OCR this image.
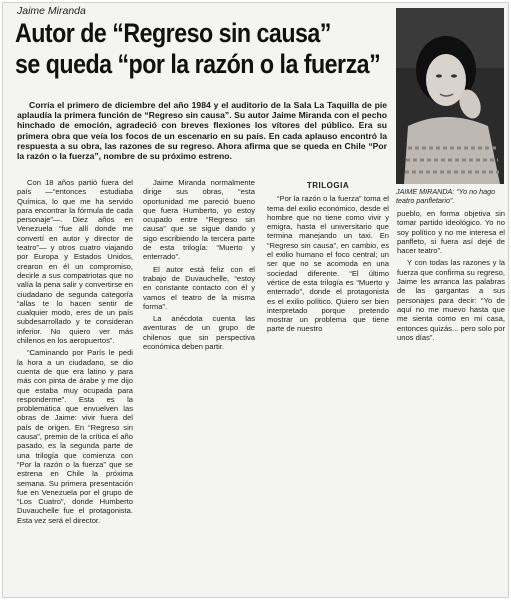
Jaime Miranda
Autor de “Regreso sin causa”
se queda “por la razón o la fuerza”
JAIME MIRANDA: “Yo no hago teatro panfletario”.
Corría el primero de diciembre del año 1984 y el auditorio de la Sala La Taquilla de pie aplaudía la primera función de “Regreso sin causa”. Su autor Jaime Miranda con el pecho hinchado de emoción, agradeció con breves flexiones los vítores del público. Era su primera obra que veía los focos de un escenario en su país. En cada aplauso encontró la respuesta a su obra, las razones de su regreso. Ahora afirma que se queda en Chile “Por la razón o la fuerza”, nombre de su próximo estreno.

Con 18 años partió fuera del país —“entonces estudiaba Química, lo que me ha servido para encontrar la fórmula de cada personaje”—. Diez años en Venezuela “fue allí donde me convertí en autor y director de teatro”— y otros cuatro viajando por Europa y Estados Unidos, crearon en él un compromiso, decirle a sus compatriotas que no valía la pena salir y convertirse en ciudadano de segunda categoría “allas te lo hacen sentir de cualquier modo, eres de un país subdesarrollado y te consideran inferior. No quiero ver más chilenos en los aeropuertos”.

“Caminando por París le pedi la hora a un ciudadano, se dio cuenta de que era latino y para más con pinta de árabe y me dijo que estaba muy ocupada para responderme”. Esta es la problemática que envuelven las obras de Jaime: vivir fuera del país de origen. En “Regreso sin causa”, premio de la crítica el año pasado, es la segunda parte de una trilogía que comienza con “Por la razón o la fuerza” que se estrena en Chile la próxima semana. Su primera presentación fue en Venezuela por el grupo de “Los Cuatro”, donde Humberto Duvauchelle fue el protagonista. Esta vez será el director.

Jaime Miranda normalmente dirige sus obras, “esta oportunidad me pareció bueno que fuera Humberto, yo estoy ocupado entre “Regreso sin causa” que se sigue dando y sigo escribiendo la tercera parte de esta trilogía: “Muerto y enterrado”.

El autor está feliz con el trabajo de Duvauchelle, “estoy en constante contacto con él y vamos el teatro de la misma forma”.

La anécdota cuenta las aventuras de un grupo de chilenos que sin perspectiva económica deben partir.

TRILOGIA

“Por la razón o la fuerza” toma el tema del exilio económico, desde el hombre que no tiene como vivir y emigra, hasta el universitario que termina manejando un taxi. En “Regreso sin causa”, en cambio, es el exilio humano el foco central; un ser que no se acomoda en una sociedad diferente. “El último vértice de esta trilogía es “Muerto y enterrado”, donde el protagonista es el exilio político. Quiero ser bien interpretado porque pretendo mostrar un problema que tiene parte de nuestro

pueblo, en forma objetiva sin tomar partido ideológico. Yo no soy político y no me interesa el panfleto, si fuera así dejé de hacer teatro”.

Y con todas las razones y la fuerza que confirma su regreso, Jaime les arranca las palabras de las gargantas a sus personajes para decir: “Yo de aquí no me muevo hasta que me sienta como en mi casa, entonces quizás... pero solo por unos días”.
